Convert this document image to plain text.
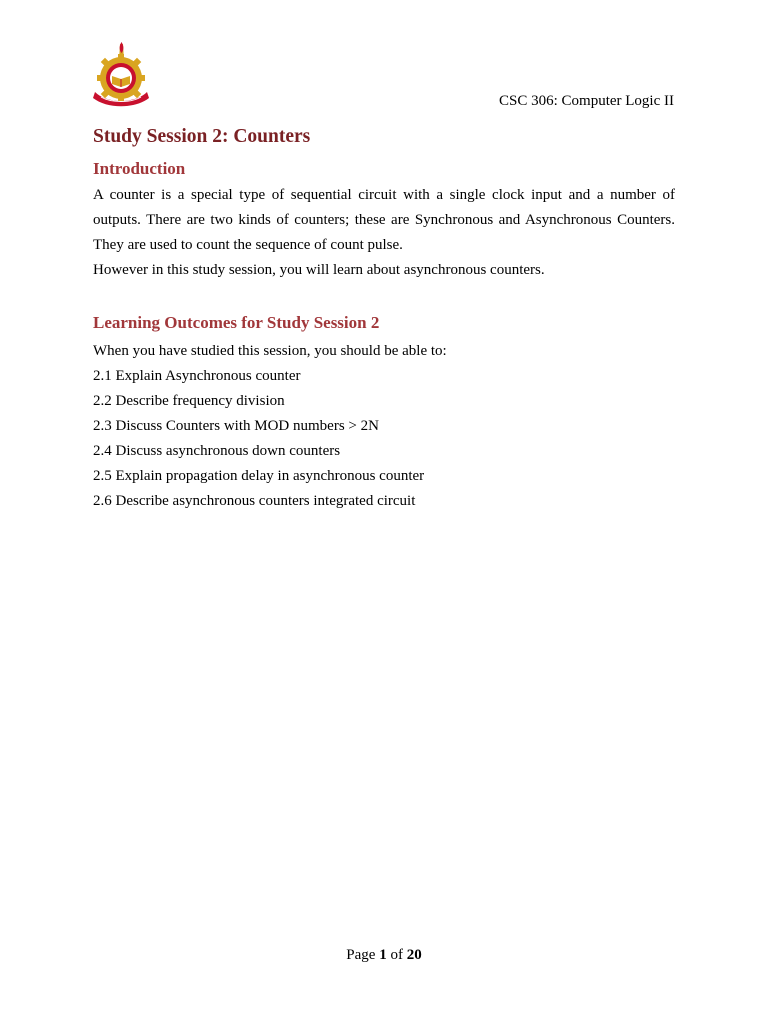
CSC 306: Computer Logic II
Study Session 2: Counters
Introduction

A counter is a special type of sequential circuit with a single clock input and a number of outputs. There are two kinds of counters; these are Synchronous and Asynchronous Counters. They are used to count the sequence of count pulse.

However in this study session, you will learn about asynchronous counters.

Learning Outcomes for Study Session 2

When you have studied this session, you should be able to:

2.1 Explain Asynchronous counter
2.2 Describe frequency division
2.3 Discuss Counters with MOD numbers > 2N
2.4 Discuss asynchronous down counters
2.5 Explain propagation delay in asynchronous counter
2.6 Describe asynchronous counters integrated circuit
Page 1 of 20
